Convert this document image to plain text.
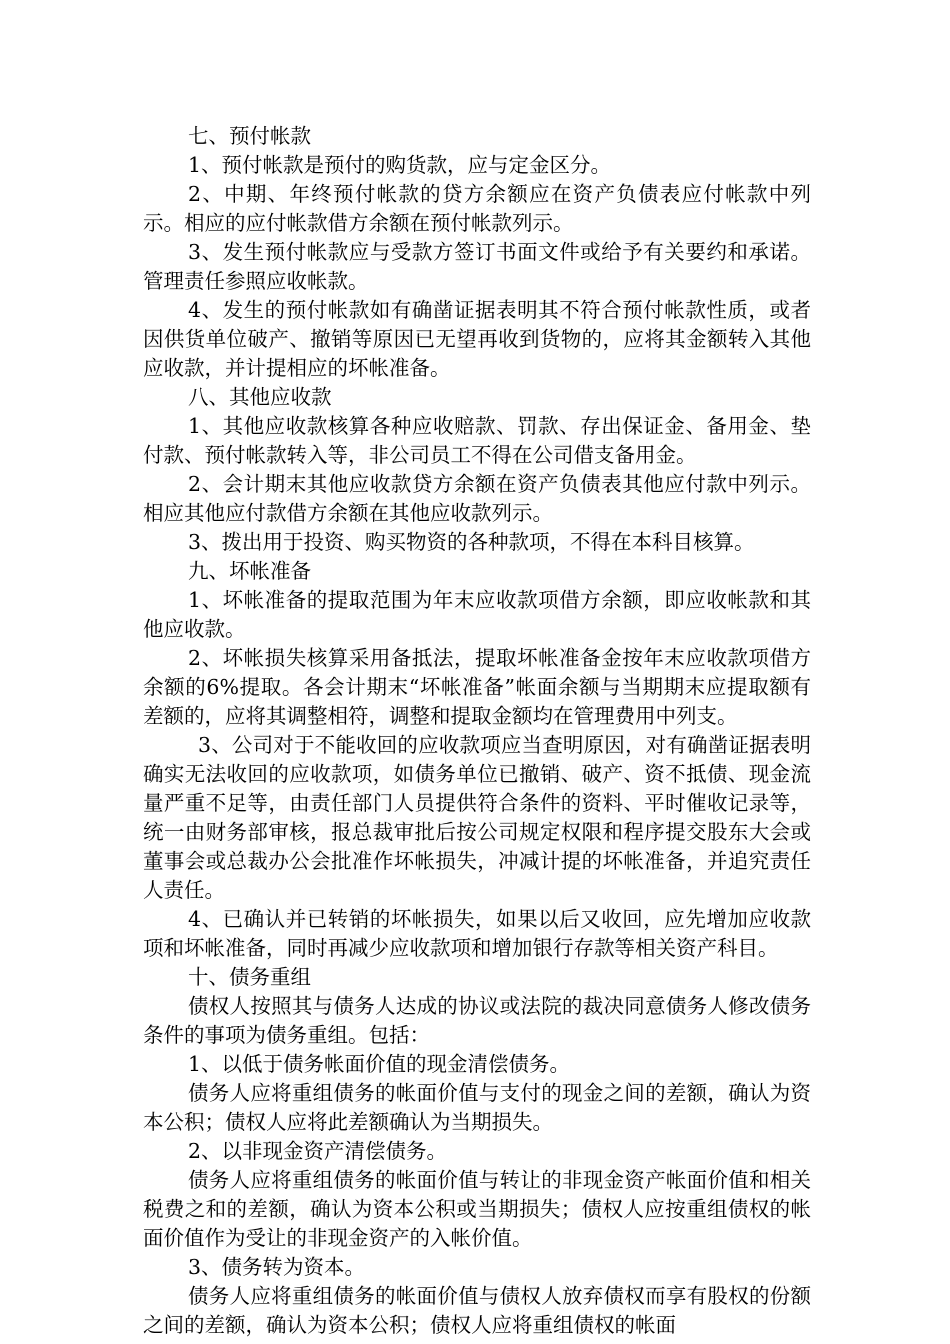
七、预付帐款

1、预付帐款是预付的购货款，应与定金区分。

2、中期、年终预付帐款的贷方余额应在资产负债表应付帐款中列示。相应的应付帐款借方余额在预付帐款列示。

3、发生预付帐款应与受款方签订书面文件或给予有关要约和承诺。管理责任参照应收帐款。

4、发生的预付帐款如有确凿证据表明其不符合预付帐款性质，或者因供货单位破产、撤销等原因已无望再收到货物的，应将其金额转入其他应收款，并计提相应的坏帐准备。

八、其他应收款

1、其他应收款核算各种应收赔款、罚款、存出保证金、备用金、垫付款、预付帐款转入等，非公司员工不得在公司借支备用金。

2、会计期末其他应收款贷方余额在资产负债表其他应付款中列示。相应其他应付款借方余额在其他应收款列示。

3、拨出用于投资、购买物资的各种款项，不得在本科目核算。

九、坏帐准备

1、坏帐准备的提取范围为年末应收款项借方余额，即应收帐款和其他应收款。

2、坏帐损失核算采用备抵法，提取坏帐准备金按年末应收款项借方余额的6%提取。各会计期末“坏帐准备”帐面余额与当期期末应提取额有差额的，应将其调整相符，调整和提取金额均在管理费用中列支。

3、公司对于不能收回的应收款项应当查明原因，对有确凿证据表明确实无法收回的应收款项，如债务单位已撤销、破产、资不抵债、现金流量严重不足等，由责任部门人员提供符合条件的资料、平时催收记录等，统一由财务部审核，报总裁审批后按公司规定权限和程序提交股东大会或董事会或总裁办公会批准作坏帐损失，冲减计提的坏帐准备，并追究责任人责任。

4、已确认并已转销的坏帐损失，如果以后又收回，应先增加应收款项和坏帐准备，同时再减少应收款项和增加银行存款等相关资产科目。

十、债务重组

债权人按照其与债务人达成的协议或法院的裁决同意债务人修改债务条件的事项为债务重组。包括：

1、以低于债务帐面价值的现金清偿债务。

债务人应将重组债务的帐面价值与支付的现金之间的差额，确认为资本公积；债权人应将此差额确认为当期损失。

2、以非现金资产清偿债务。

债务人应将重组债务的帐面价值与转让的非现金资产帐面价值和相关税费之和的差额，确认为资本公积或当期损失；债权人应按重组债权的帐面价值作为受让的非现金资产的入帐价值。

3、债务转为资本。

债务人应将重组债务的帐面价值与债权人放弃债权而享有股权的份额之间的差额，确认为资本公积；债权人应将重组债权的帐面
